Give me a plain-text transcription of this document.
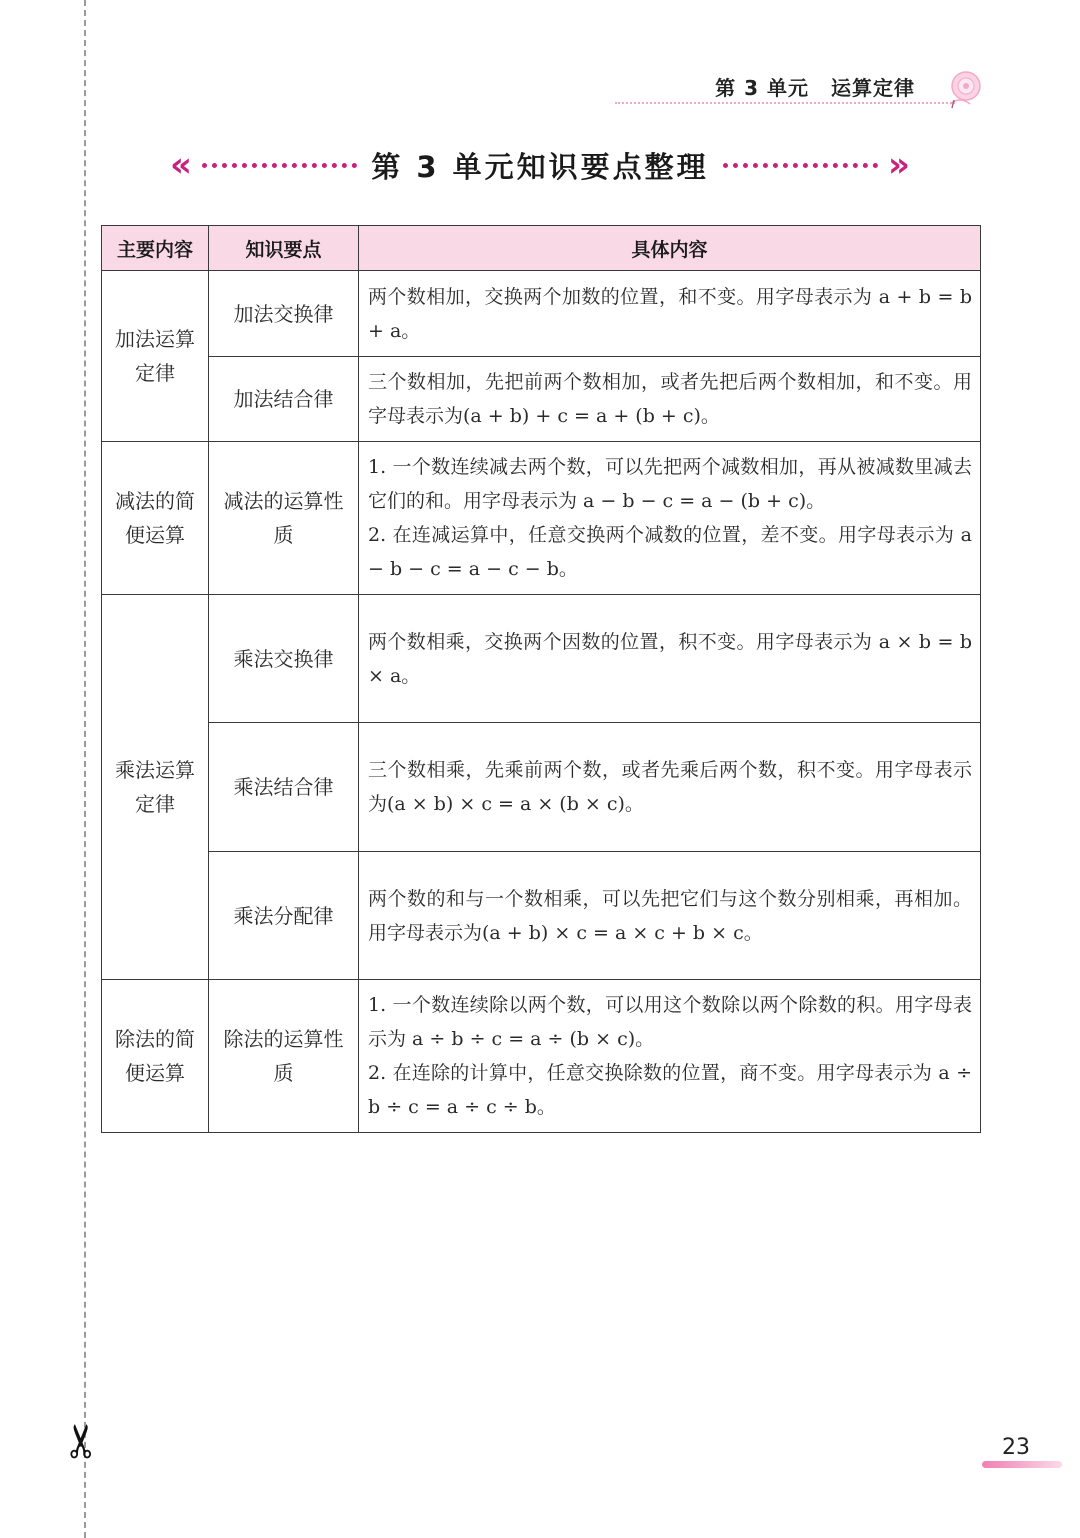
✂
第 3 单元 运算定律
«	第 3 单元知识要点整理	»
主要内容	知识要点	具体内容
加法运算定律	加法交换律	两个数相加，交换两个加数的位置，和不变。用字母表示为 a + b = b + a。
	加法结合律	三个数相加，先把前两个数相加，或者先把后两个数相加，和不变。用字母表示为(a + b) + c = a + (b + c)。
减法的简便运算	减法的运算性质	1. 一个数连续减去两个数，可以先把两个减数相加，再从被减数里减去它们的和。用字母表示为 a − b − c = a − (b + c)。
2. 在连减运算中，任意交换两个减数的位置，差不变。用字母表示为 a − b − c = a − c − b。

乘法运算定律	乘法交换律	两个数相乘，交换两个因数的位置，积不变。用字母表示为 a × b = b × a。
	乘法结合律	三个数相乘，先乘前两个数，或者先乘后两个数，积不变。用字母表示为(a × b) × c = a × (b × c)。
	乘法分配律	两个数的和与一个数相乘，可以先把它们与这个数分别相乘，再相加。用字母表示为(a + b) × c = a × c + b × c。
除法的简便运算	除法的运算性质	1. 一个数连续除以两个数，可以用这个数除以两个除数的积。用字母表示为 a ÷ b ÷ c = a ÷ (b × c)。
2. 在连除的计算中，任意交换除数的位置，商不变。用字母表示为 a ÷ b ÷ c = a ÷ c ÷ b。
23
